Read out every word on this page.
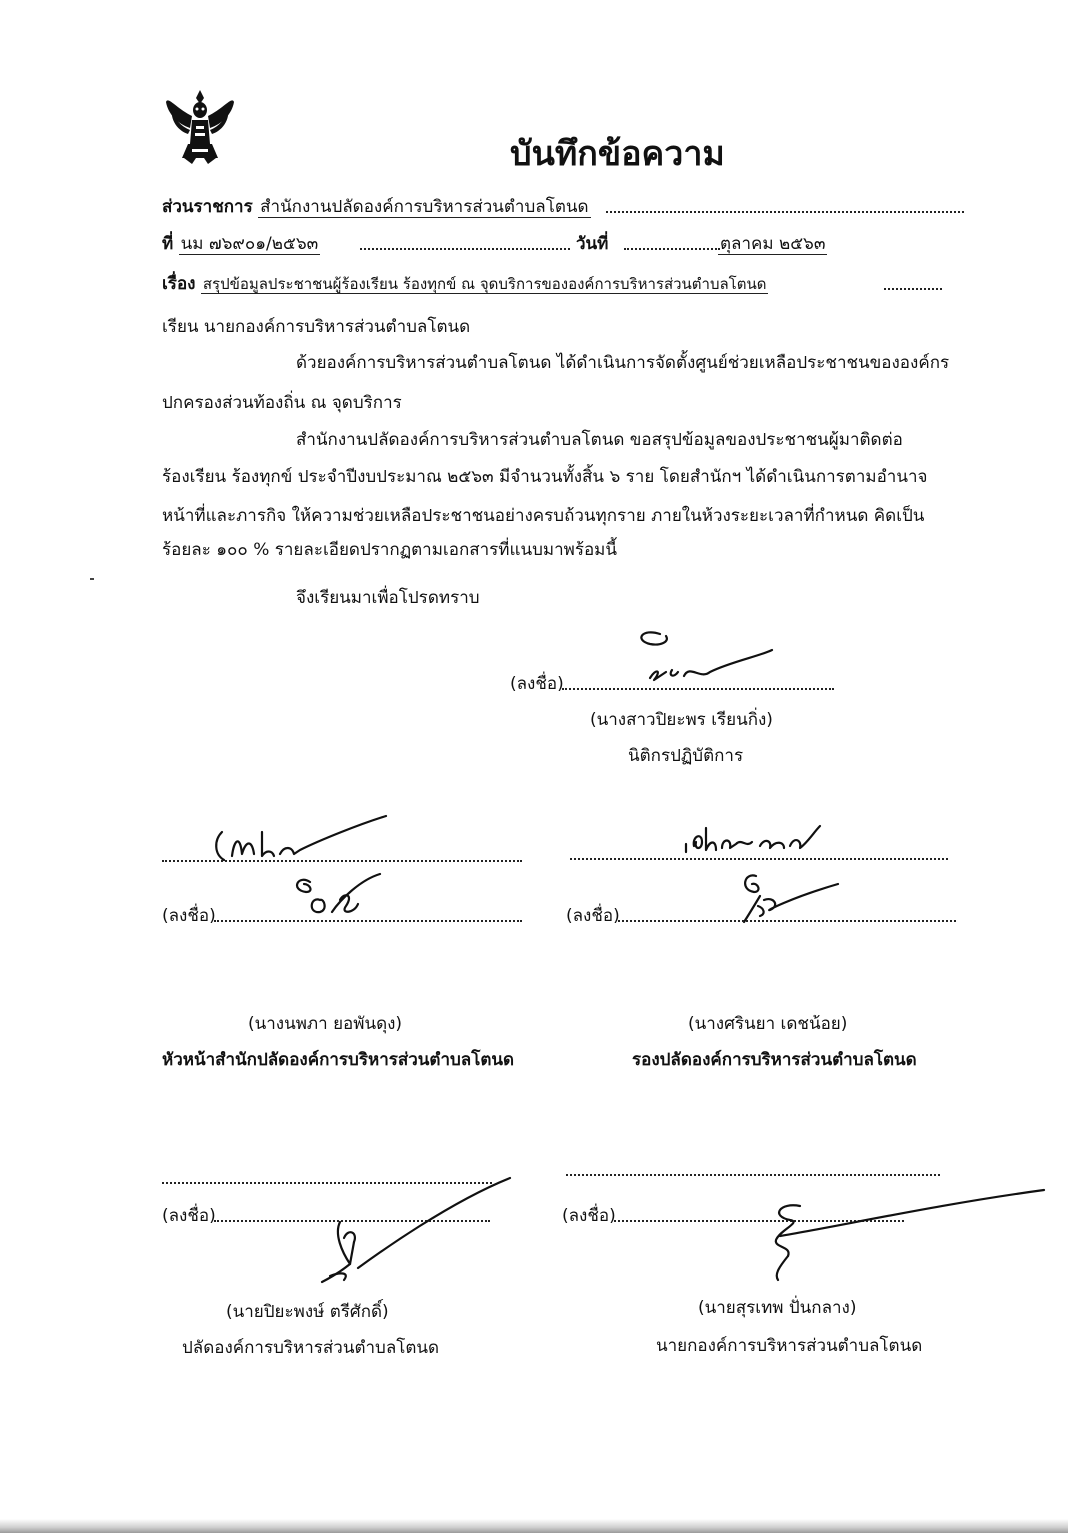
บันทึกข้อความ
ส่วนราชการ สำนักงานปลัดองค์การบริหารส่วนตำบลโตนด
ที่ นม ๗๖๙๐๑/๒๕๖๓	วันที่	ตุลาคม ๒๕๖๓
เรื่อง สรุปข้อมูลประชาชนผู้ร้องเรียน ร้องทุกข์ ณ จุดบริการขององค์การบริหารส่วนตำบลโตนด
เรียน นายกองค์การบริหารส่วนตำบลโตนด
ด้วยองค์การบริหารส่วนตำบลโตนด ได้ดำเนินการจัดตั้งศูนย์ช่วยเหลือประชาชนขององค์กร
ปกครองส่วนท้องถิ่น ณ จุดบริการ
สำนักงานปลัดองค์การบริหารส่วนตำบลโตนด ขอสรุปข้อมูลของประชาชนผู้มาติดต่อ
ร้องเรียน ร้องทุกข์ ประจำปีงบประมาณ ๒๕๖๓ มีจำนวนทั้งสิ้น ๖ ราย โดยสำนักฯ ได้ดำเนินการตามอำนาจ
หน้าที่และภารกิจ ให้ความช่วยเหลือประชาชนอย่างครบถ้วนทุกราย ภายในห้วงระยะเวลาที่กำหนด คิดเป็น
ร้อยละ ๑๐๐ % รายละเอียดปรากฏตามเอกสารที่แนบมาพร้อมนี้
จึงเรียนมาเพื่อโปรดทราบ
(ลงชื่อ)
(นางสาวปิยะพร เรียนกิ่ง)
นิติกรปฏิบัติการ
(ลงชื่อ)
(นางนพภา ยอพันดุง)
หัวหน้าสำนักปลัดองค์การบริหารส่วนตำบลโตนด
(ลงชื่อ)
(นางศรินยา เดชน้อย)
รองปลัดองค์การบริหารส่วนตำบลโตนด
(ลงชื่อ)
(นายปิยะพงษ์ ตรีศักดิ์)
ปลัดองค์การบริหารส่วนตำบลโตนด
(ลงชื่อ)
(นายสุรเทพ ปั่นกลาง)
นายกองค์การบริหารส่วนตำบลโตนด
